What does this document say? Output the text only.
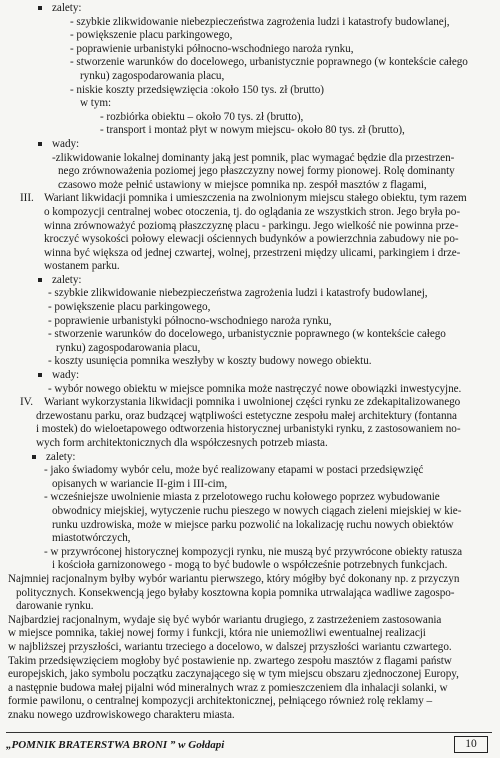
zalety:
- szybkie zlikwidowanie niebezpieczeństwa zagrożenia ludzi i katastrofy budowlanej,
- powiększenie placu parkingowego,
- poprawienie urbanistyki północno-wschodniego naroża rynku,
- stworzenie warunków do docelowego, urbanistycznie poprawnego (w kontekście całego
rynku) zagospodarowania placu,
- niskie koszty przedsięwzięcia :około 150 tys. zł (brutto)
w tym:
- rozbiórka obiektu – około 70 tys. zł (brutto),
- transport i montaż płyt w nowym miejscu- około 80 tys. zł (brutto),
wady:
-zlikwidowanie lokalnej dominanty jaką jest pomnik, plac wymagać będzie dla przestrzen-
nego zrównoważenia poziomej jego płaszczyzny nowej formy pionowej. Rolę dominanty
czasowo może pełnić ustawiony w miejsce pomnika np. zespół masztów z flagami,
III. Wariant likwidacji pomnika i umieszczenia na zwolnionym miejscu stałego obiektu, tym razem
o kompozycji centralnej wobec otoczenia, tj. do oglądania ze wszystkich stron. Jego bryła po-
winna zrównoważyć poziomą płaszczyznę placu - parkingu. Jego wielkość nie powinna prze-
kroczyć wysokości połowy elewacji ościennych budynków a powierzchnia zabudowy nie po-
winna być większa od jednej czwartej, wolnej, przestrzeni między ulicami, parkingiem i drze-
wostanem parku.
zalety:
- szybkie zlikwidowanie niebezpieczeństwa zagrożenia ludzi i katastrofy budowlanej,
- powiększenie placu parkingowego,
- poprawienie urbanistyki północno-wschodniego naroża rynku,
- stworzenie warunków do docelowego, urbanistycznie poprawnego (w kontekście całego
rynku) zagospodarowania placu,
- koszty usunięcia pomnika weszłyby w koszty budowy nowego obiektu.
wady:
- wybór nowego obiektu w miejsce pomnika może nastręczyć nowe obowiązki inwestycyjne.
IV. Wariant wykorzystania likwidacji pomnika i uwolnionej części rynku ze zdekapitalizowanego
drzewostanu parku, oraz budzącej wątpliwości estetyczne zespołu małej architektury (fontanna
i mostek) do wieloetapowego odtworzenia historycznej urbanistyki rynku, z zastosowaniem no-
wych form architektonicznych dla współczesnych potrzeb miasta.
zalety:
- jako świadomy wybór celu, może być realizowany etapami w postaci przedsięwzięć
opisanych w wariancie II-gim i III-cim,
- wcześniejsze uwolnienie miasta z przelotowego ruchu kołowego poprzez wybudowanie
obwodnicy miejskiej, wytyczenie ruchu pieszego w nowych ciągach zieleni miejskiej w kie-
runku uzdrowiska, może w miejsce parku pozwolić na lokalizację ruchu nowych obiektów
miastotwórczych,
- w przywróconej historycznej kompozycji rynku, nie muszą być przywrócone obiekty ratusza
i kościoła garnizonowego - mogą to być budowle o współcześnie potrzebnych funkcjach.
Najmniej racjonalnym byłby wybór wariantu pierwszego, który mógłby być dokonany np. z przyczyn
politycznych. Konsekwencją jego byłaby kosztowna kopia pomnika utrwalająca wadliwe zagospo-
darowanie rynku.
Najbardziej racjonalnym, wydaje się być wybór wariantu drugiego, z zastrzeżeniem zastosowania
w miejsce pomnika, takiej nowej formy i funkcji, która nie uniemożliwi ewentualnej realizacji
w najbliższej przyszłości, wariantu trzeciego a docelowo, w dalszej przyszłości wariantu czwartego.
Takim przedsięwzięciem mogłoby być postawienie np. zwartego zespołu masztów z flagami państw
europejskich, jako symbolu początku zaczynającego się w tym miejscu obszaru zjednoczonej Europy,
a następnie budowa małej pijalni wód mineralnych wraz z pomieszczeniem dla inhalacji solanki, w
formie pawilonu, o centralnej kompozycji architektonicznej, pełniącego również rolę reklamy –
znaku nowego uzdrowiskowego charakteru miasta.
„POMNIK BRATERSTWA BRONI ” w Gołdapi	10
